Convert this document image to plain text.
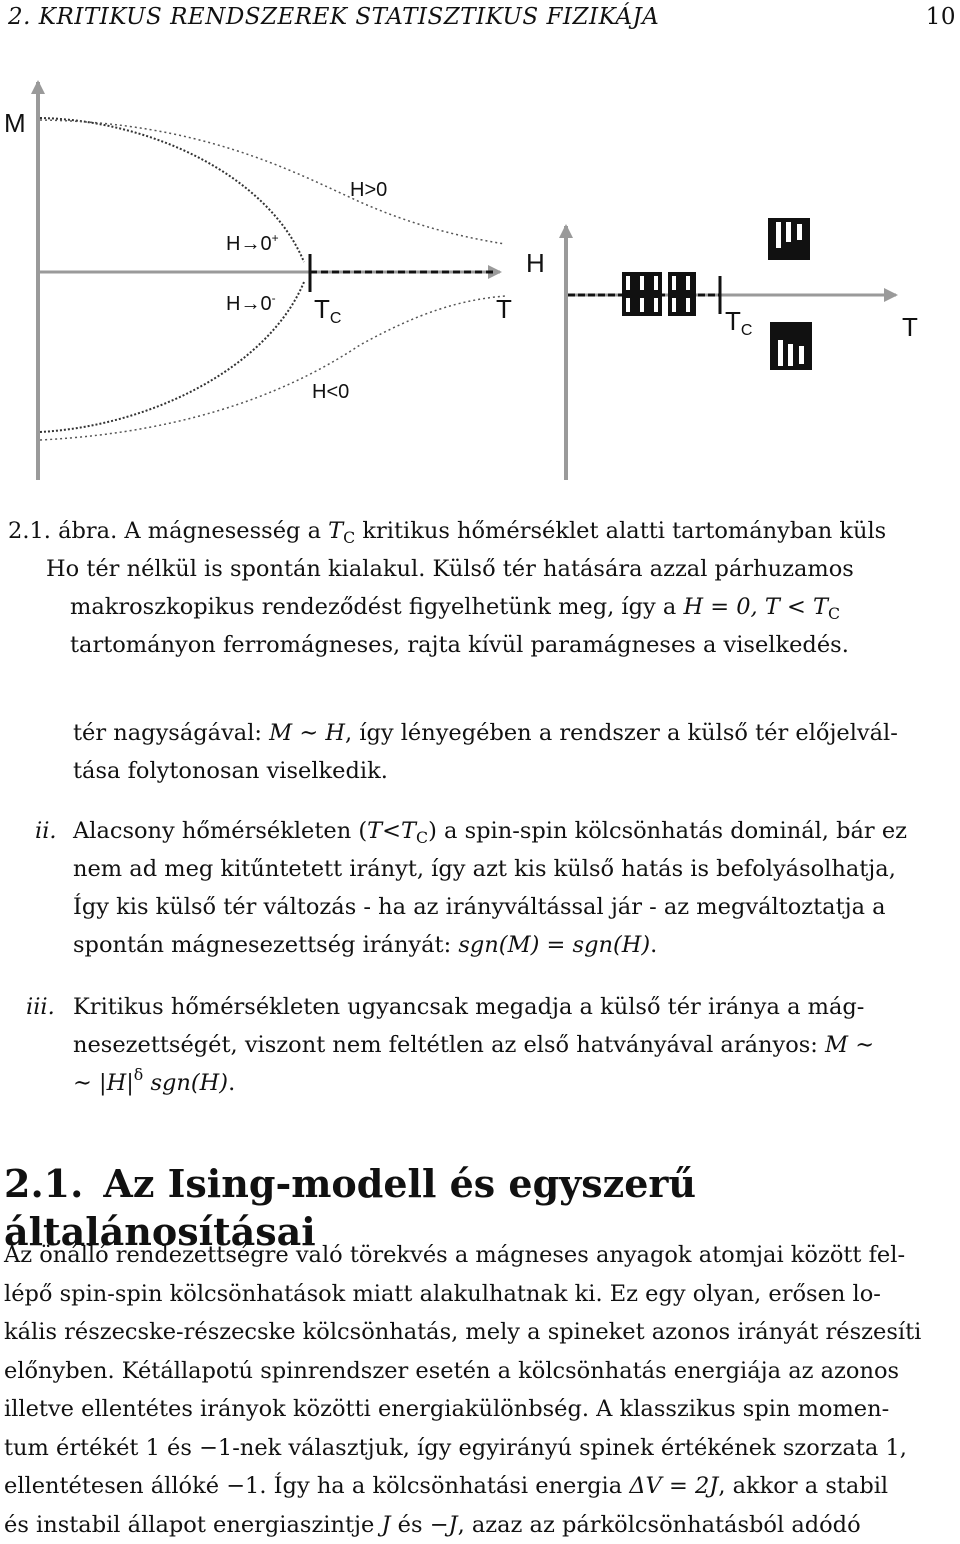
2. KRITIKUS RENDSZEREK STATISZTIKUS FIZIKÁJA	10
M
H>0
H→0+
H→0- TC	T
H<0
H
TC	T
2.1. ábra. A mágnesesség a $T_C$ kritikus hőmérséklet alatti tartományban küls
Ho tér nélkül is spontán kialakul. Külső tér hatására azzal párhuzamos
makroszkopikus rendeződést figyelhetünk meg, így a H = 0, $T < T_C$
tartományon ferromágneses, rajta kívül paramágneses a viselkedés.
tér nagyságával: M ∼ H, így lényegében a rendszer a külső tér előjelvál-
tása folytonosan viselkedik.
ii. Alacsony hőmérsékleten $(T<T_C)$ a spin-spin kölcsönhatás dominál, bár ez
nem ad meg kitűntetett irányt, így azt kis külső hatás is befolyásolhatja,
Így kis külső tér változás - ha az irányváltással jár - az megváltoztatja a
spontán mágnesezettség irányát: sgn(M) = sgn(H).
iii. Kritikus hőmérsékleten ugyancsak megadja a külső tér iránya a mág-
nesezettségét, viszont nem feltétlen az első hatványával arányos: M ∼
∼ $|H|^\delta$ sgn(H).
2.1. Az Ising-modell és egyszerű általánosításai
Az önálló rendezettségre való törekvés a mágneses anyagok atomjai között fel-
lépő spin-spin kölcsönhatások miatt alakulhatnak ki. Ez egy olyan, erősen lo-
kális részecske-részecske kölcsönhatás, mely a spineket azonos irányát részesíti
előnyben. Kétállapotú spinrendszer esetén a kölcsönhatás energiája az azonos
illetve ellentétes irányok közötti energiakülönbség. A klasszikus spin momen-
tum értékét 1 és −1-nek választjuk, így egyirányú spinek értékének szorzata 1,
ellentétesen állóké −1. Így ha a kölcsönhatási energia ΔV = 2J, akkor a stabil
és instabil állapot energiaszintje J és −J, azaz az párkölcsönhatásból adódó
